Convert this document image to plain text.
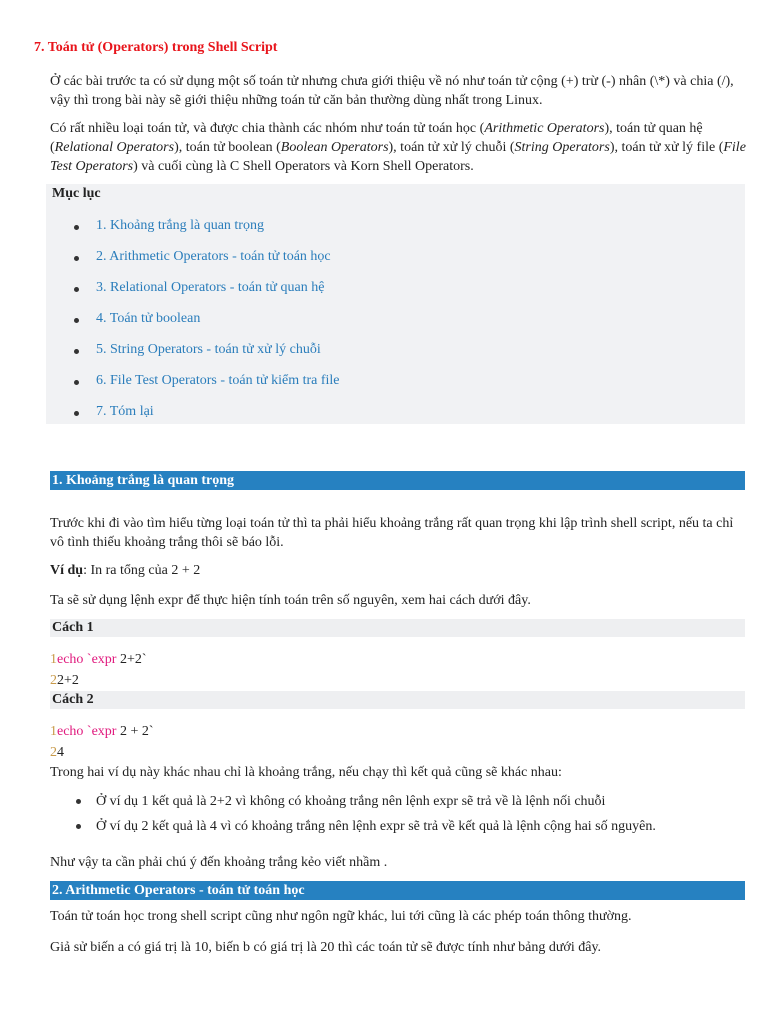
7. Toán tử (Operators) trong Shell Script

Ở các bài trước ta có sử dụng một số toán tử nhưng chưa giới thiệu về nó như toán tử cộng (+) trừ (-) nhân (\*) và chia (/), vậy thì trong bài này sẽ giới thiệu những toán tử căn bản thường dùng nhất trong Linux.

Có rất nhiều loại toán tử, và được chia thành các nhóm như toán tử toán học (Arithmetic Operators), toán tử quan hệ (Relational Operators), toán tử boolean (Boolean Operators), toán tử xử lý chuỗi (String Operators), toán tử xử lý file (File Test Operators) và cuối cùng là C Shell Operators và Korn Shell Operators.

Mục lục
1. Khoảng trắng là quan trọng
2. Arithmetic Operators - toán tử toán học
3. Relational Operators - toán tử quan hệ
4. Toán tử boolean
5. String Operators - toán tử xử lý chuỗi
6. File Test Operators - toán tử kiểm tra file
7. Tóm lại
1. Khoảng trắng là quan trọng

Trước khi đi vào tìm hiểu từng loại toán tử thì ta phải hiểu khoảng trắng rất quan trọng khi lập trình shell script, nếu ta chỉ vô tình thiếu khoảng trắng thôi sẽ báo lỗi.

Ví dụ: In ra tổng của 2 + 2

Ta sẽ sử dụng lệnh expr để thực hiện tính toán trên số nguyên, xem hai cách dưới đây.

Cách 1
1echo `expr 2+2`
22+2
Cách 2
1echo `expr 2 + 2`
24

Trong hai ví dụ này khác nhau chỉ là khoảng trắng, nếu chạy thì kết quả cũng sẽ khác nhau:

Ở ví dụ 1 kết quả là 2+2 vì không có khoảng trắng nên lệnh expr sẽ trả về là lệnh nối chuỗi

Ở ví dụ 2 kết quả là 4 vì có khoảng trắng nên lệnh expr sẽ trả về kết quả là lệnh cộng hai số nguyên.

Như vậy ta cần phải chú ý đến khoảng trắng kẻo viết nhầm .

2. Arithmetic Operators - toán tử toán học

Toán tử toán học trong shell script cũng như ngôn ngữ khác, lui tới cũng là các phép toán thông thường.

Giả sử biến a có giá trị là 10, biến b có giá trị là 20 thì các toán tử sẽ được tính như bảng dưới đây.
